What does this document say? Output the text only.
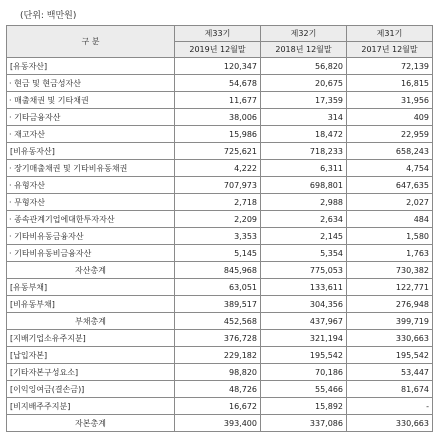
(단위: 백만원)
구 분	제33기	제32기	제31기
	2019년 12월말	2018년 12월말	2017년 12월말
[유동자산]	120,347	56,820	72,139
· 현금 및 현금성자산	54,678	20,675	16,815
· 매출채권 및 기타채권	11,677	17,359	31,956
· 기타금융자산	38,006	314	409
· 재고자산	15,986	18,472	22,959
[비유동자산]	725,621	718,233	658,243
· 장기매출채권 및 기타비유동채권	4,222	6,311	4,754
· 유형자산	707,973	698,801	647,635
· 무형자산	2,718	2,988	2,027
· 종속관계기업에대한투자자산	2,209	2,634	484
· 기타비유동금융자산	3,353	2,145	1,580
· 기타비유동비금융자산	5,145	5,354	1,763
자산총계	845,968	775,053	730,382
[유동부채]	63,051	133,611	122,771
[비유동부채]	389,517	304,356	276,948
부채총계	452,568	437,967	399,719
[지배기업소유주지분]	376,728	321,194	330,663
[납입자본]	229,182	195,542	195,542
[기타자본구성요소]	98,820	70,186	53,447
[이익잉여금(결손금)]	48,726	55,466	81,674
[비지배주주지분]	16,672	15,892	-
자본총계	393,400	337,086	330,663
